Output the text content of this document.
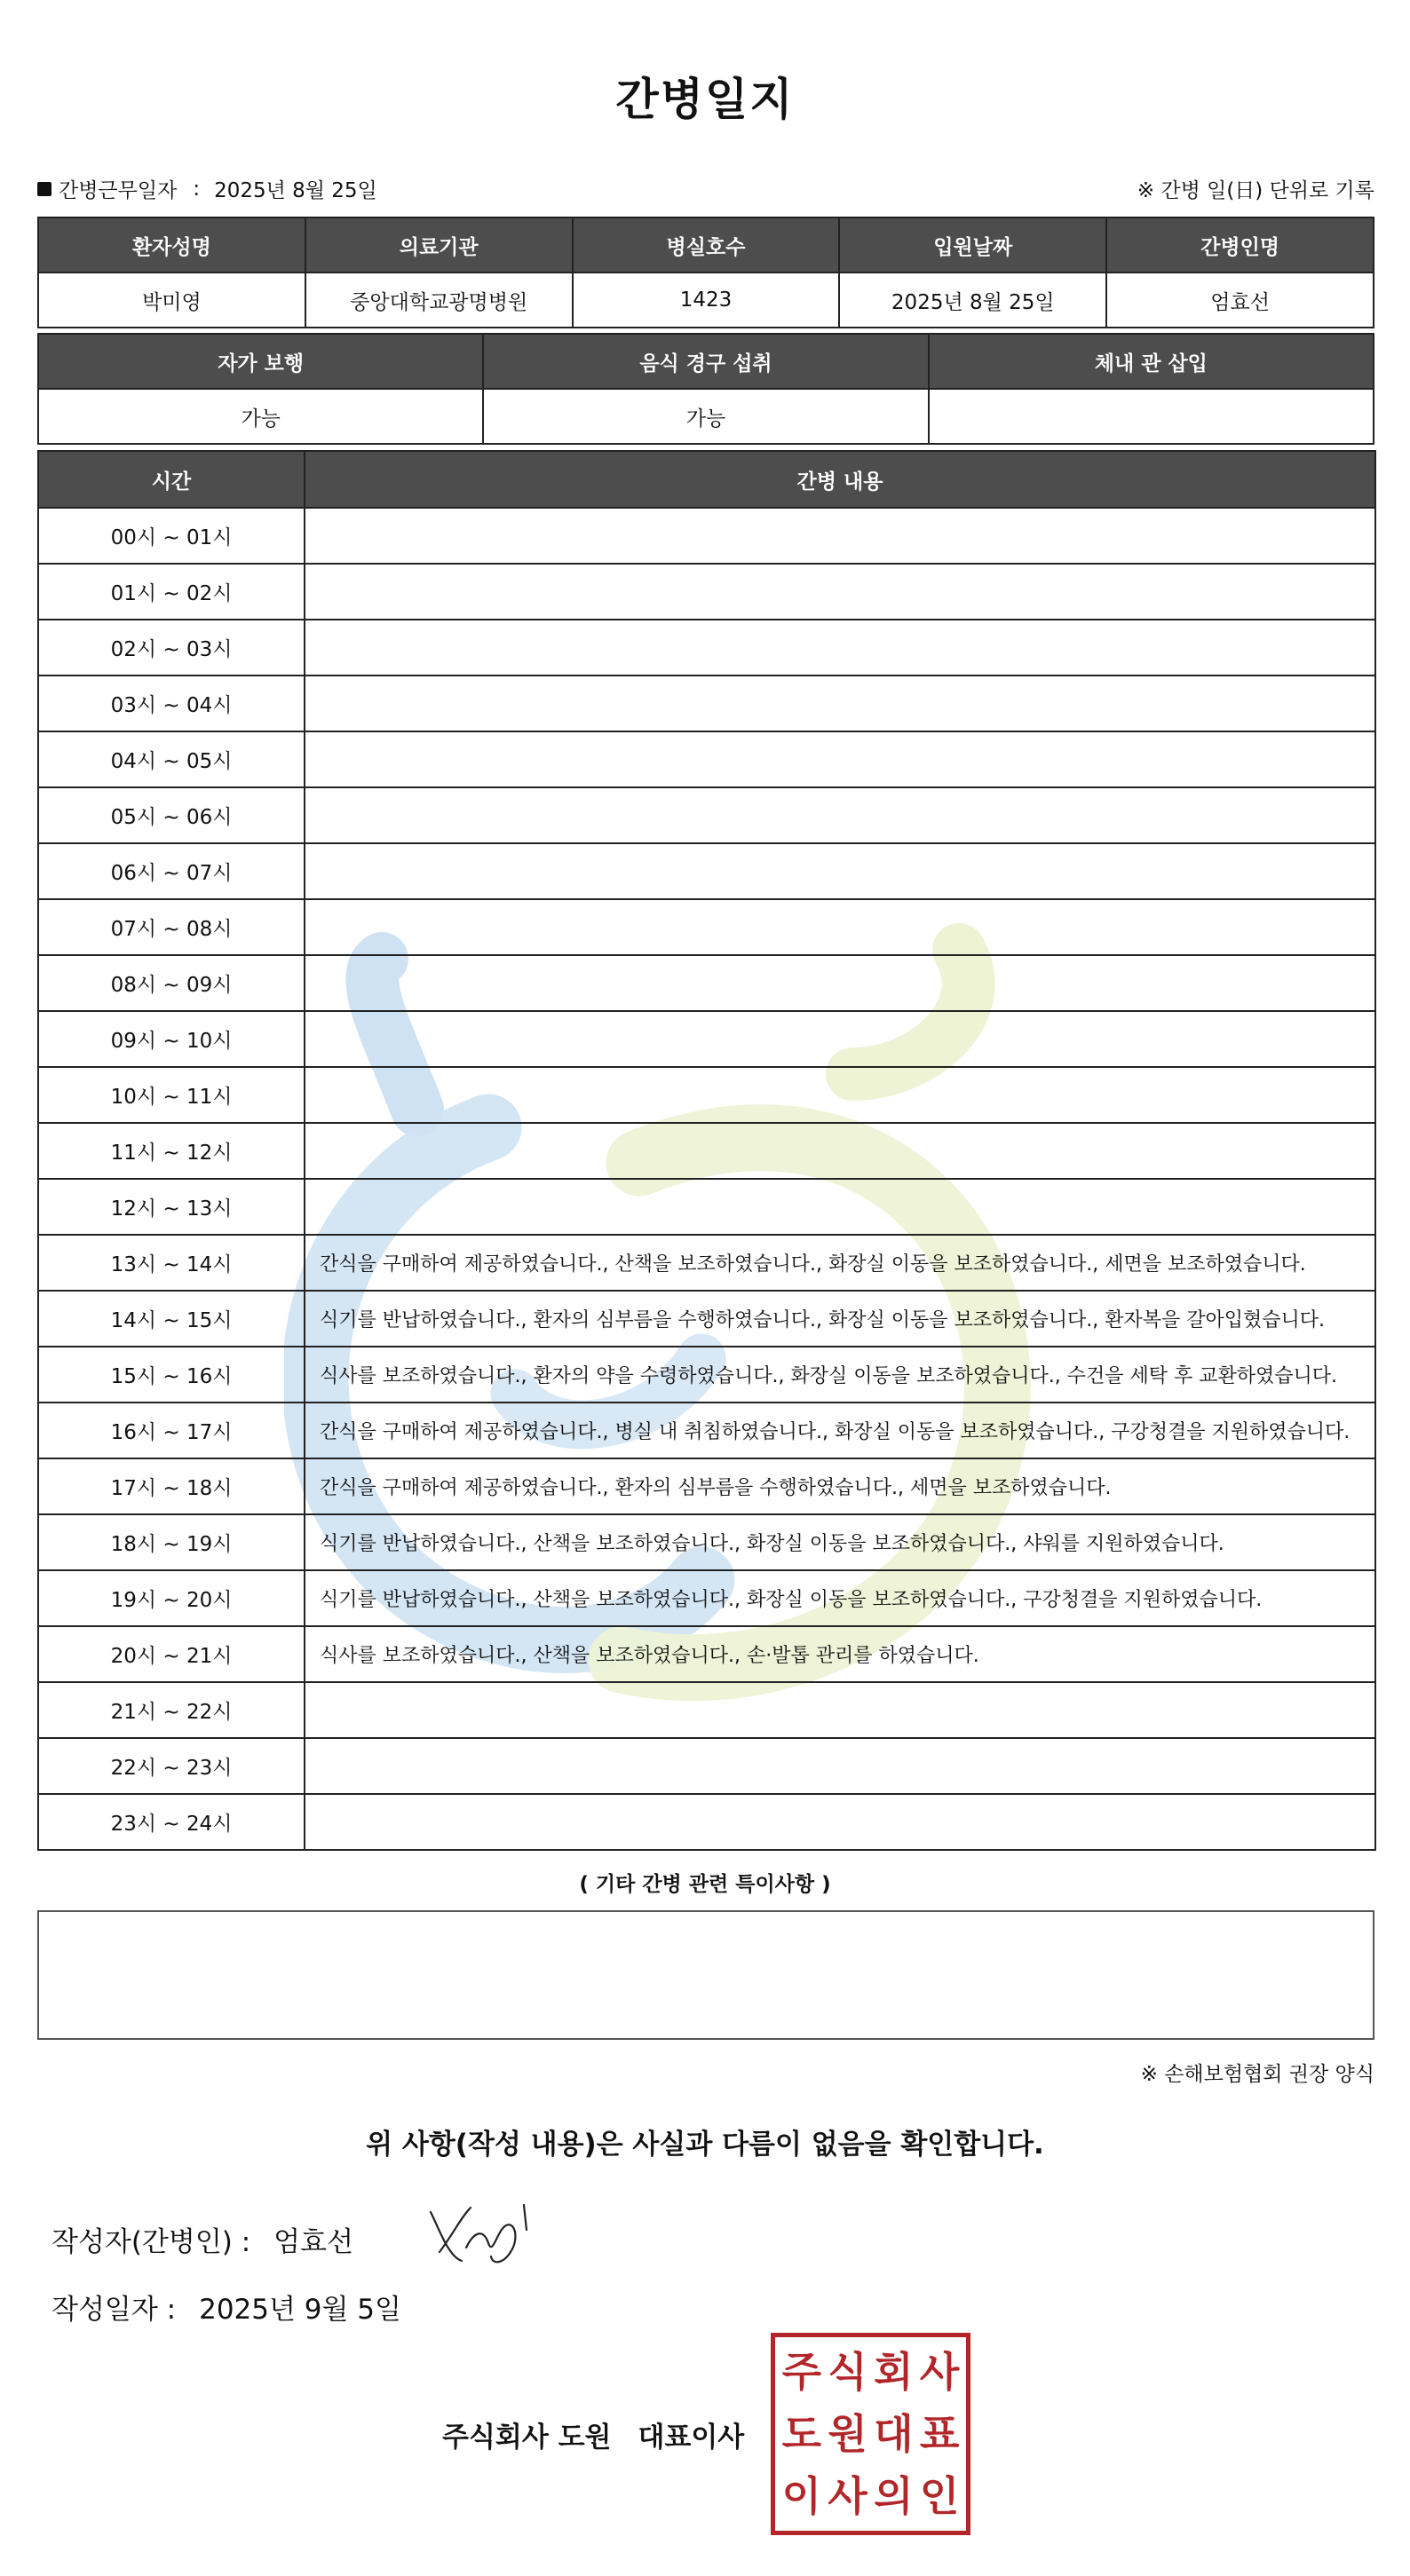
간병일지
간병근무일자 : 2025년 8월 25일	※ 간병 일(日) 단위로 기록
환자성명	의료기관	병실호수	입원날짜	간병인명
박미영	중앙대학교광명병원	1423	2025년 8월 25일	엄효선
자가 보행	음식 경구 섭취	체내 관 삽입
가능	가능	
시간	간병 내용
00시 ~ 01시	
01시 ~ 02시	
02시 ~ 03시	
03시 ~ 04시	
04시 ~ 05시	
05시 ~ 06시	
06시 ~ 07시	
07시 ~ 08시	
08시 ~ 09시	
09시 ~ 10시	
10시 ~ 11시	
11시 ~ 12시	
12시 ~ 13시	
13시 ~ 14시	간식을 구매하여 제공하였습니다., 산책을 보조하였습니다., 화장실 이동을 보조하였습니다., 세면을 보조하였습니다.
14시 ~ 15시	식기를 반납하였습니다., 환자의 심부름을 수행하였습니다., 화장실 이동을 보조하였습니다., 환자복을 갈아입혔습니다.
15시 ~ 16시	식사를 보조하였습니다., 환자의 약을 수령하였습니다., 화장실 이동을 보조하였습니다., 수건을 세탁 후 교환하였습니다.
16시 ~ 17시	간식을 구매하여 제공하였습니다., 병실 내 취침하였습니다., 화장실 이동을 보조하였습니다., 구강청결을 지원하였습니다.
17시 ~ 18시	간식을 구매하여 제공하였습니다., 환자의 심부름을 수행하였습니다., 세면을 보조하였습니다.
18시 ~ 19시	식기를 반납하였습니다., 산책을 보조하였습니다., 화장실 이동을 보조하였습니다., 샤워를 지원하였습니다.
19시 ~ 20시	식기를 반납하였습니다., 산책을 보조하였습니다., 화장실 이동을 보조하였습니다., 구강청결을 지원하였습니다.
20시 ~ 21시	식사를 보조하였습니다., 산책을 보조하였습니다., 손·발톱 관리를 하였습니다.
21시 ~ 22시	
22시 ~ 23시	
23시 ~ 24시	
( 기타 간병 관련 특이사항 )
※ 손해보험협회 권장 양식
위 사항(작성 내용)은 사실과 다름이 없음을 확인합니다.
작성자(간병인) : 엄효선
작성일자 : 2025년 9월 5일
주식회사 도원 대표이사
주 식 회 사
도 원 대 표
이 사 의 인
